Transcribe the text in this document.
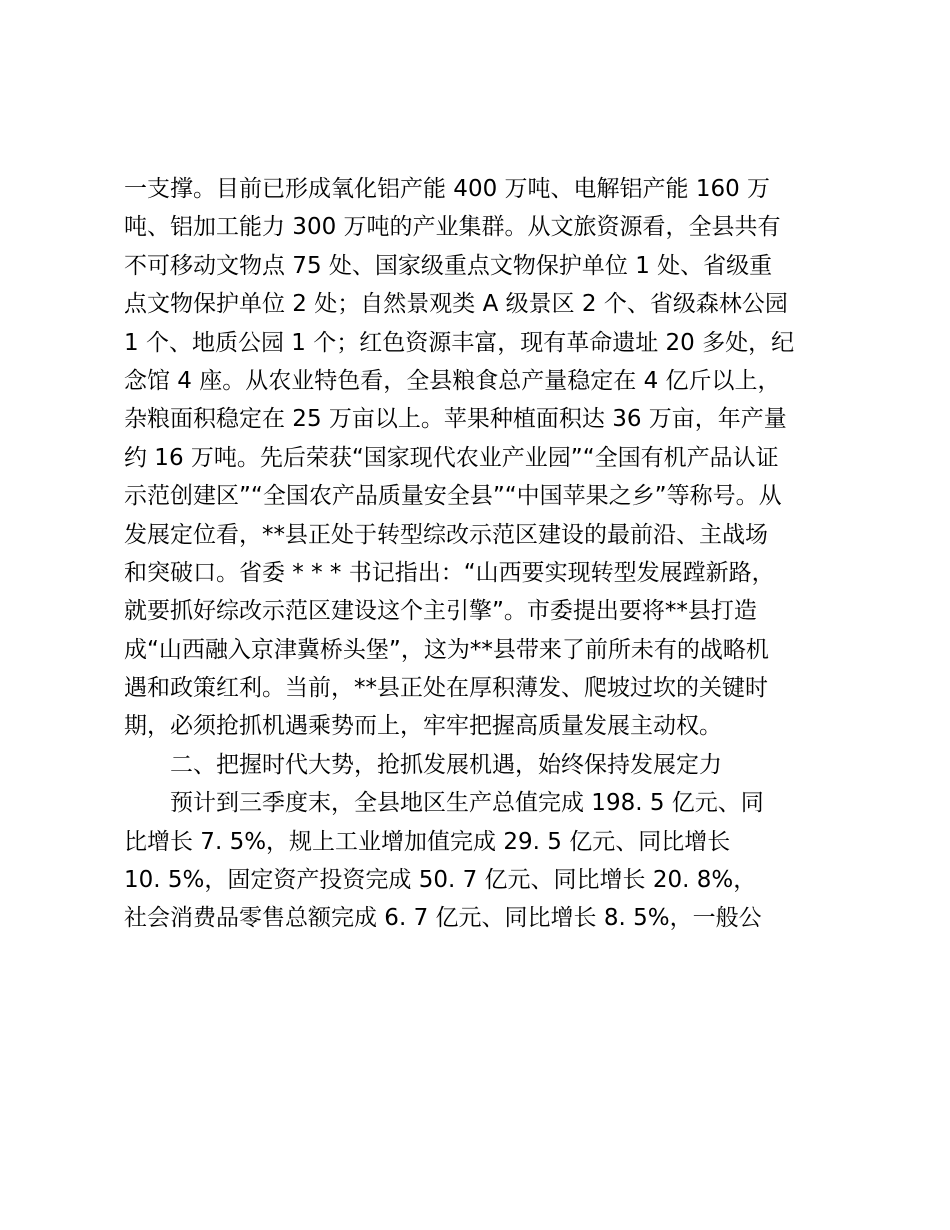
一支撑。目前已形成氧化铝产能 400 万吨、电解铝产能 160 万
吨、铝加工能力 300 万吨的产业集群。从文旅资源看，全县共有
不可移动文物点 75 处、国家级重点文物保护单位 1 处、省级重
点文物保护单位 2 处；自然景观类 A 级景区 2 个、省级森林公园
1 个、地质公园 1 个；红色资源丰富，现有革命遗址 20 多处，纪
念馆 4 座。从农业特色看，全县粮食总产量稳定在 4 亿斤以上，
杂粮面积稳定在 25 万亩以上。苹果种植面积达 36 万亩，年产量
约 16 万吨。先后荣获“国家现代农业产业园”“全国有机产品认证
示范创建区”“全国农产品质量安全县”“中国苹果之乡”等称号。从
发展定位看，**县正处于转型综改示范区建设的最前沿、主战场
和突破口。省委 * * * 书记指出：“山西要实现转型发展蹚新路，
就要抓好综改示范区建设这个主引擎”。市委提出要将**县打造
成“山西融入京津冀桥头堡”，这为**县带来了前所未有的战略机
遇和政策红利。当前，**县正处在厚积薄发、爬坡过坎的关键时
期，必须抢抓机遇乘势而上，牢牢把握高质量发展主动权。
二、把握时代大势，抢抓发展机遇，始终保持发展定力
预计到三季度末，全县地区生产总值完成 198. 5 亿元、同
比增长 7. 5%，规上工业增加值完成 29. 5 亿元、同比增长
10. 5%，固定资产投资完成 50. 7 亿元、同比增长 20. 8%，
社会消费品零售总额完成 6. 7 亿元、同比增长 8. 5%，一般公
